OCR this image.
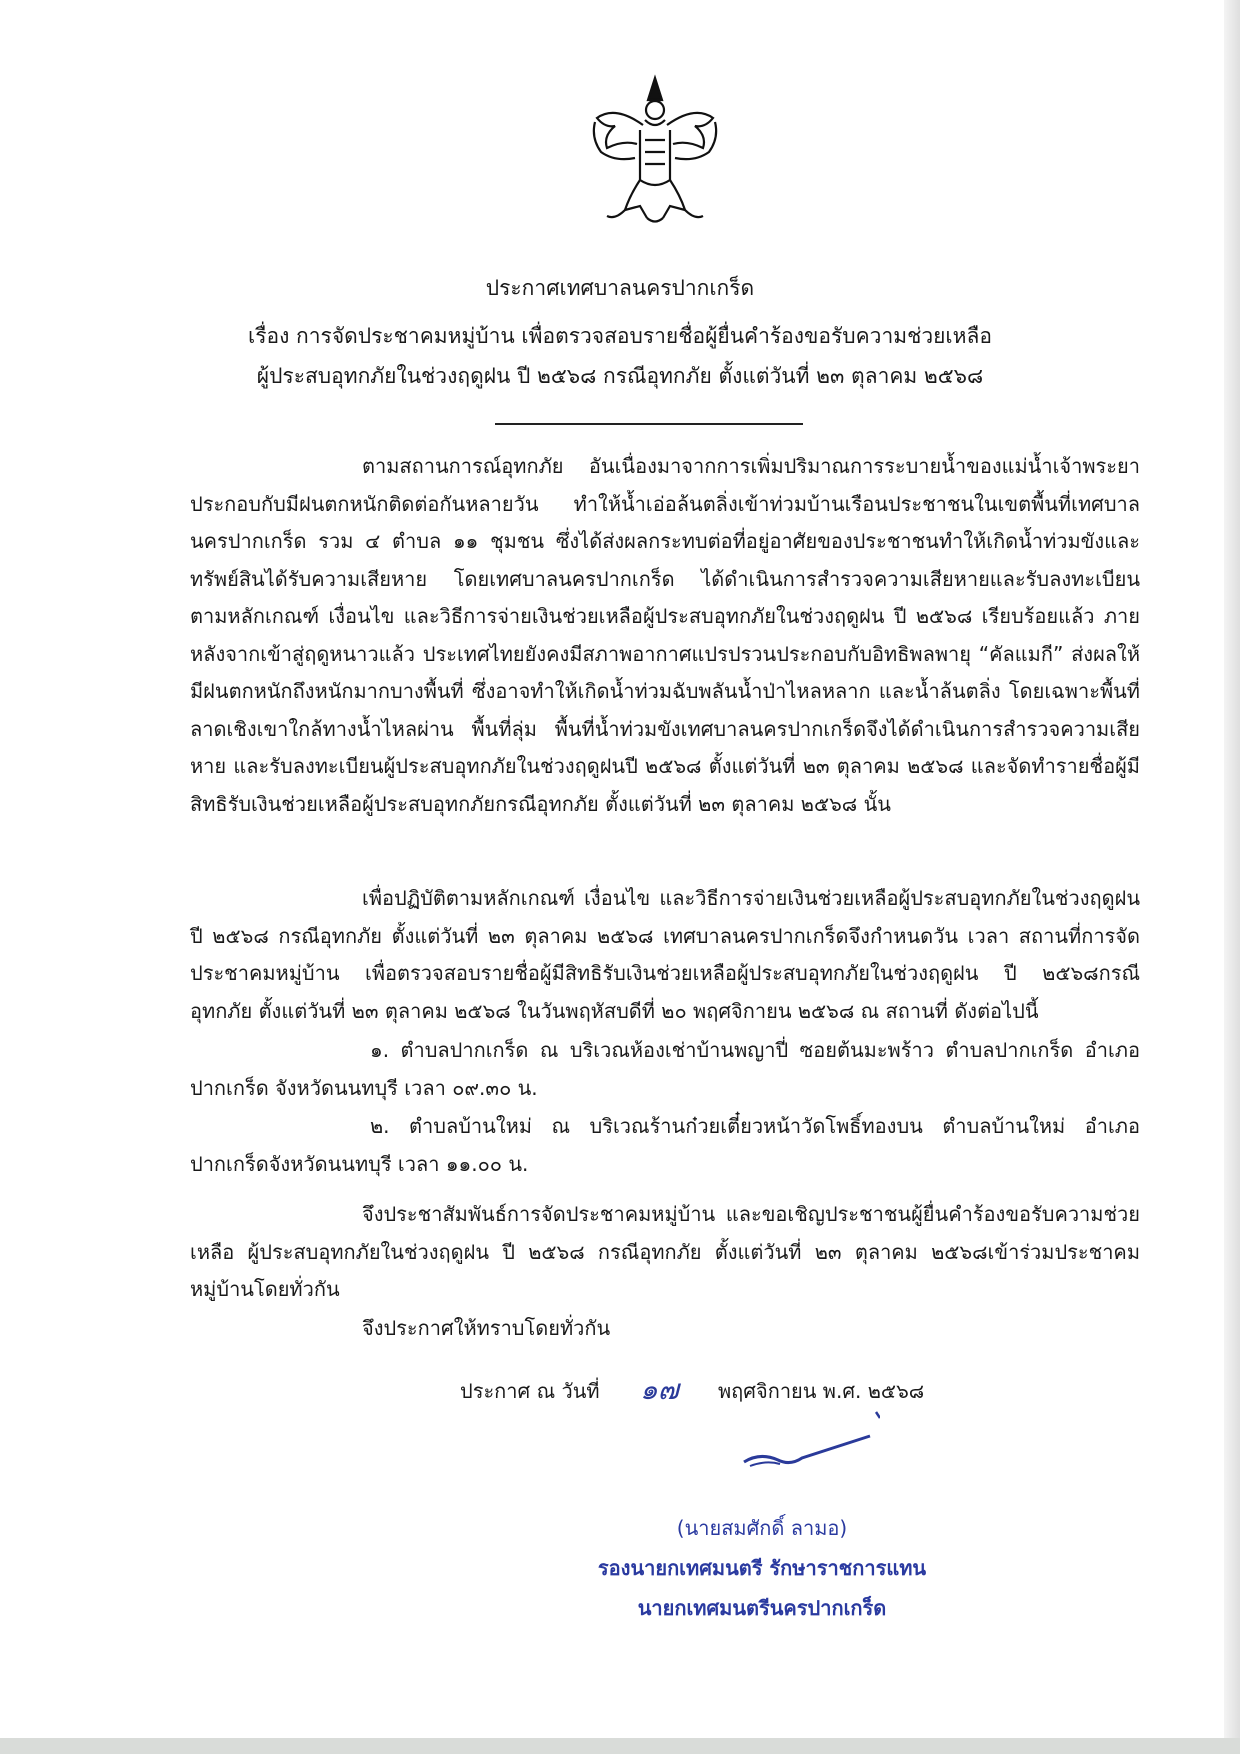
ประกาศเทศบาลนครปากเกร็ด
เรื่อง การจัดประชาคมหมู่บ้าน เพื่อตรวจสอบรายชื่อผู้ยื่นคำร้องขอรับความช่วยเหลือ
ผู้ประสบอุทกภัยในช่วงฤดูฝน ปี ๒๕๖๘ กรณีอุทกภัย ตั้งแต่วันที่ ๒๓ ตุลาคม ๒๕๖๘
ตามสถานการณ์อุทกภัย อันเนื่องมาจากการเพิ่มปริมาณการระบายน้ำของแม่น้ำเจ้าพระยา ประกอบกับมีฝนตกหนักติดต่อกันหลายวัน ทำให้น้ำเอ่อล้นตลิ่งเข้าท่วมบ้านเรือนประชาชนในเขตพื้นที่เทศบาลนครปากเกร็ด รวม ๔ ตำบล ๑๑ ชุมชน ซึ่งได้ส่งผลกระทบต่อที่อยู่อาศัยของประชาชนทำให้เกิดน้ำท่วมขังและทรัพย์สินได้รับความเสียหาย โดยเทศบาลนครปากเกร็ด ได้ดำเนินการสำรวจความเสียหายและรับลงทะเบียน ตามหลักเกณฑ์ เงื่อนไข และวิธีการจ่ายเงินช่วยเหลือผู้ประสบอุทกภัยในช่วงฤดูฝน ปี ๒๕๖๘ เรียบร้อยแล้ว ภายหลังจากเข้าสู่ฤดูหนาวแล้ว ประเทศไทยยังคงมีสภาพอากาศแปรปรวนประกอบกับอิทธิพลพายุ “คัลแมกี” ส่งผลให้มีฝนตกหนักถึงหนักมากบางพื้นที่ ซึ่งอาจทำให้เกิดน้ำท่วมฉับพลันน้ำป่าไหลหลาก และน้ำล้นตลิ่ง โดยเฉพาะพื้นที่ลาดเชิงเขาใกล้ทางน้ำไหลผ่าน พื้นที่ลุ่ม พื้นที่น้ำท่วมขังเทศบาลนครปากเกร็ดจึงได้ดำเนินการสำรวจความเสียหาย และรับลงทะเบียนผู้ประสบอุทกภัยในช่วงฤดูฝนปี ๒๕๖๘ ตั้งแต่วันที่ ๒๓ ตุลาคม ๒๕๖๘ และจัดทำรายชื่อผู้มีสิทธิรับเงินช่วยเหลือผู้ประสบอุทกภัยกรณีอุทกภัย ตั้งแต่วันที่ ๒๓ ตุลาคม ๒๕๖๘ นั้น
เพื่อปฏิบัติตามหลักเกณฑ์ เงื่อนไข และวิธีการจ่ายเงินช่วยเหลือผู้ประสบอุทกภัยในช่วงฤดูฝนปี ๒๕๖๘ กรณีอุทกภัย ตั้งแต่วันที่ ๒๓ ตุลาคม ๒๕๖๘ เทศบาลนครปากเกร็ดจึงกำหนดวัน เวลา สถานที่การจัดประชาคมหมู่บ้าน เพื่อตรวจสอบรายชื่อผู้มีสิทธิรับเงินช่วยเหลือผู้ประสบอุทกภัยในช่วงฤดูฝน ปี ๒๕๖๘กรณีอุทกภัย ตั้งแต่วันที่ ๒๓ ตุลาคม ๒๕๖๘ ในวันพฤหัสบดีที่ ๒๐ พฤศจิกายน ๒๕๖๘ ณ สถานที่ ดังต่อไปนี้
๑. ตำบลปากเกร็ด ณ บริเวณห้องเช่าบ้านพญาปี่ ซอยต้นมะพร้าว ตำบลปากเกร็ด อำเภอปากเกร็ด จังหวัดนนทบุรี เวลา ๐๙.๓๐ น.
๒. ตำบลบ้านใหม่ ณ บริเวณร้านก๋วยเตี๋ยวหน้าวัดโพธิ์ทองบน ตำบลบ้านใหม่ อำเภอปากเกร็ดจังหวัดนนทบุรี เวลา ๑๑.๐๐ น.
จึงประชาสัมพันธ์การจัดประชาคมหมู่บ้าน และขอเชิญประชาชนผู้ยื่นคำร้องขอรับความช่วยเหลือ ผู้ประสบอุทกภัยในช่วงฤดูฝน ปี ๒๕๖๘ กรณีอุทกภัย ตั้งแต่วันที่ ๒๓ ตุลาคม ๒๕๖๘เข้าร่วมประชาคมหมู่บ้านโดยทั่วกัน
จึงประกาศให้ทราบโดยทั่วกัน
ประกาศ ณ วันที่ ๑๗ พฤศจิกายน พ.ศ. ๒๕๖๘
(นายสมศักดิ์ ลามอ)
รองนายกเทศมนตรี รักษาราชการแทน
นายกเทศมนตรีนครปากเกร็ด
